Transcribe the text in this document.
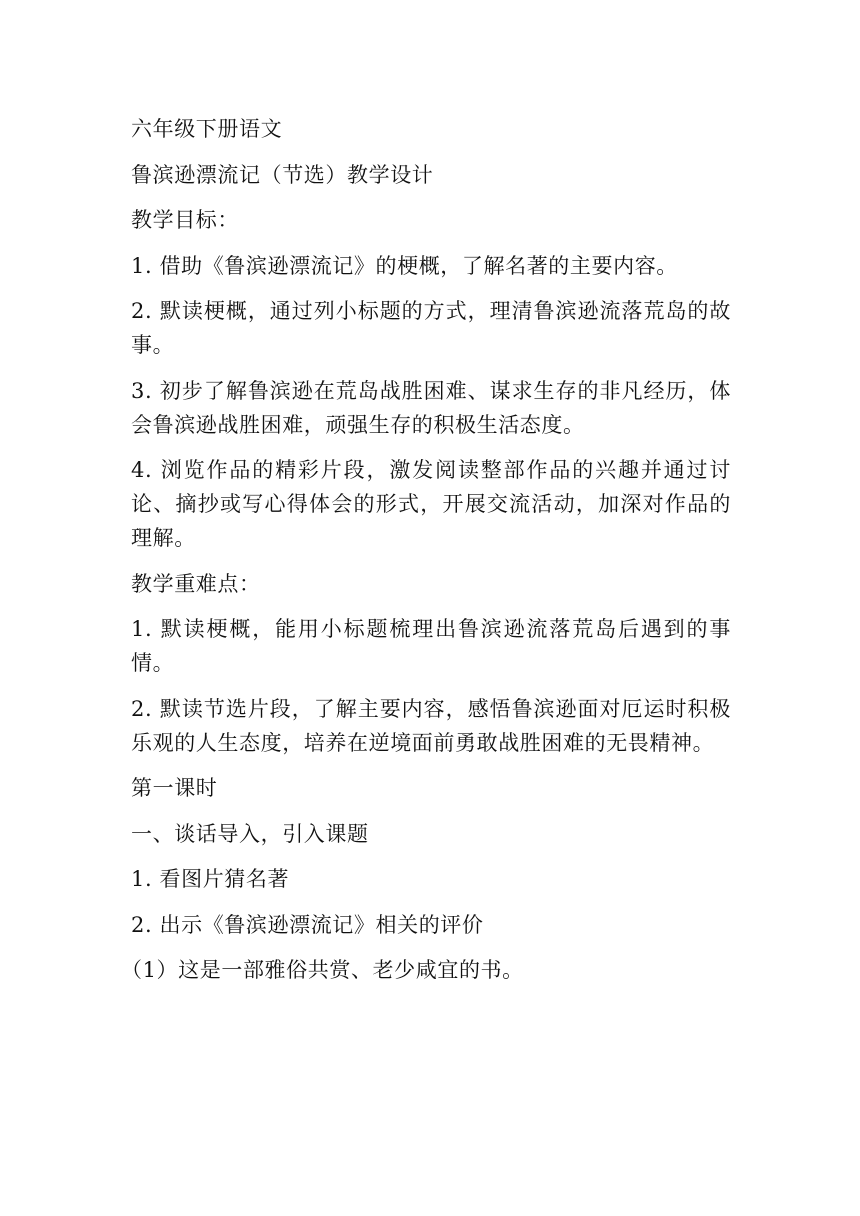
六年级下册语文

鲁滨逊漂流记（节选）教学设计

教学目标：

1. 借助《鲁滨逊漂流记》的梗概，了解名著的主要内容。

2. 默读梗概，通过列小标题的方式，理清鲁滨逊流落荒岛的故事。

3. 初步了解鲁滨逊在荒岛战胜困难、谋求生存的非凡经历，体会鲁滨逊战胜困难，顽强生存的积极生活态度。

4. 浏览作品的精彩片段，激发阅读整部作品的兴趣并通过讨论、摘抄或写心得体会的形式，开展交流活动，加深对作品的理解。

教学重难点：

1. 默读梗概，能用小标题梳理出鲁滨逊流落荒岛后遇到的事情。

2. 默读节选片段，了解主要内容，感悟鲁滨逊面对厄运时积极乐观的人生态度，培养在逆境面前勇敢战胜困难的无畏精神。

第一课时

一、谈话导入，引入课题

1. 看图片猜名著

2. 出示《鲁滨逊漂流记》相关的评价

（1）这是一部雅俗共赏、老少咸宜的书。
